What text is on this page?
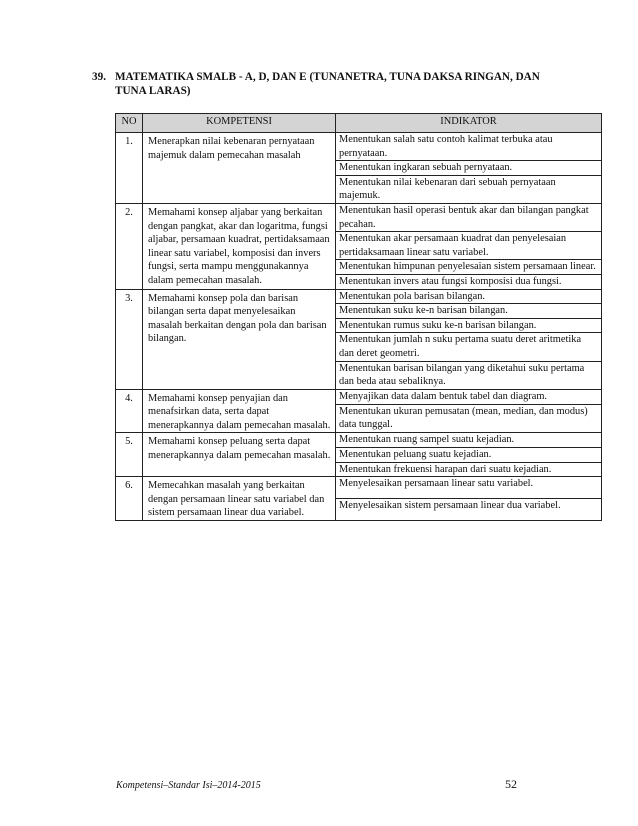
39. MATEMATIKA SMALB - A, D, DAN E (TUNANETRA, TUNA DAKSA RINGAN, DAN
TUNA LARAS)
NO	KOMPETENSI	INDIKATOR
1.	Menerapkan nilai kebenaran pernyataan majemuk dalam pemecahan masalah	Menentukan salah satu contoh kalimat terbuka atau pernyataan.
		Menentukan ingkaran sebuah pernyataan.
		Menentukan nilai kebenaran dari sebuah pernyataan majemuk.
2.	Memahami konsep aljabar yang berkaitan dengan pangkat, akar dan logaritma, fungsi aljabar, persamaan kuadrat, pertidaksamaan linear satu variabel, komposisi dan invers fungsi, serta mampu menggunakannya dalam pemecahan masalah.	Menentukan hasil operasi bentuk akar dan bilangan pangkat pecahan.
		Menentukan akar persamaan kuadrat dan penyelesaian pertidaksamaan linear satu variabel.
		Menentukan himpunan penyelesaian sistem persamaan linear.
		Menentukan invers atau fungsi komposisi dua fungsi.
3.	Memahami konsep pola dan barisan bilangan serta dapat menyelesaikan masalah berkaitan dengan pola dan barisan bilangan.	Menentukan pola barisan bilangan.
		Menentukan suku ke-n barisan bilangan.
		Menentukan rumus suku ke-n barisan bilangan.
		Menentukan jumlah n suku pertama suatu deret aritmetika dan deret geometri.
		Menentukan barisan bilangan yang diketahui suku pertama dan beda atau sebaliknya.
4.	Memahami konsep penyajian dan menafsirkan data, serta dapat menerapkannya dalam pemecahan masalah.	Menyajikan data dalam bentuk tabel dan diagram.
		Menentukan ukuran pemusatan (mean, median, dan modus) data tunggal.
5.	Memahami konsep peluang serta dapat menerapkannya dalam pemecahan masalah.	Menentukan ruang sampel suatu kejadian.
		Menentukan peluang suatu kejadian.
		Menentukan frekuensi harapan dari suatu kejadian.
6.	Memecahkan masalah yang berkaitan dengan persamaan linear satu variabel dan sistem persamaan linear dua variabel.	Menyelesaikan persamaan linear satu variabel.
		Menyelesaikan sistem persamaan linear dua variabel.
Kompetensi–Standar Isi–2014-2015	52
